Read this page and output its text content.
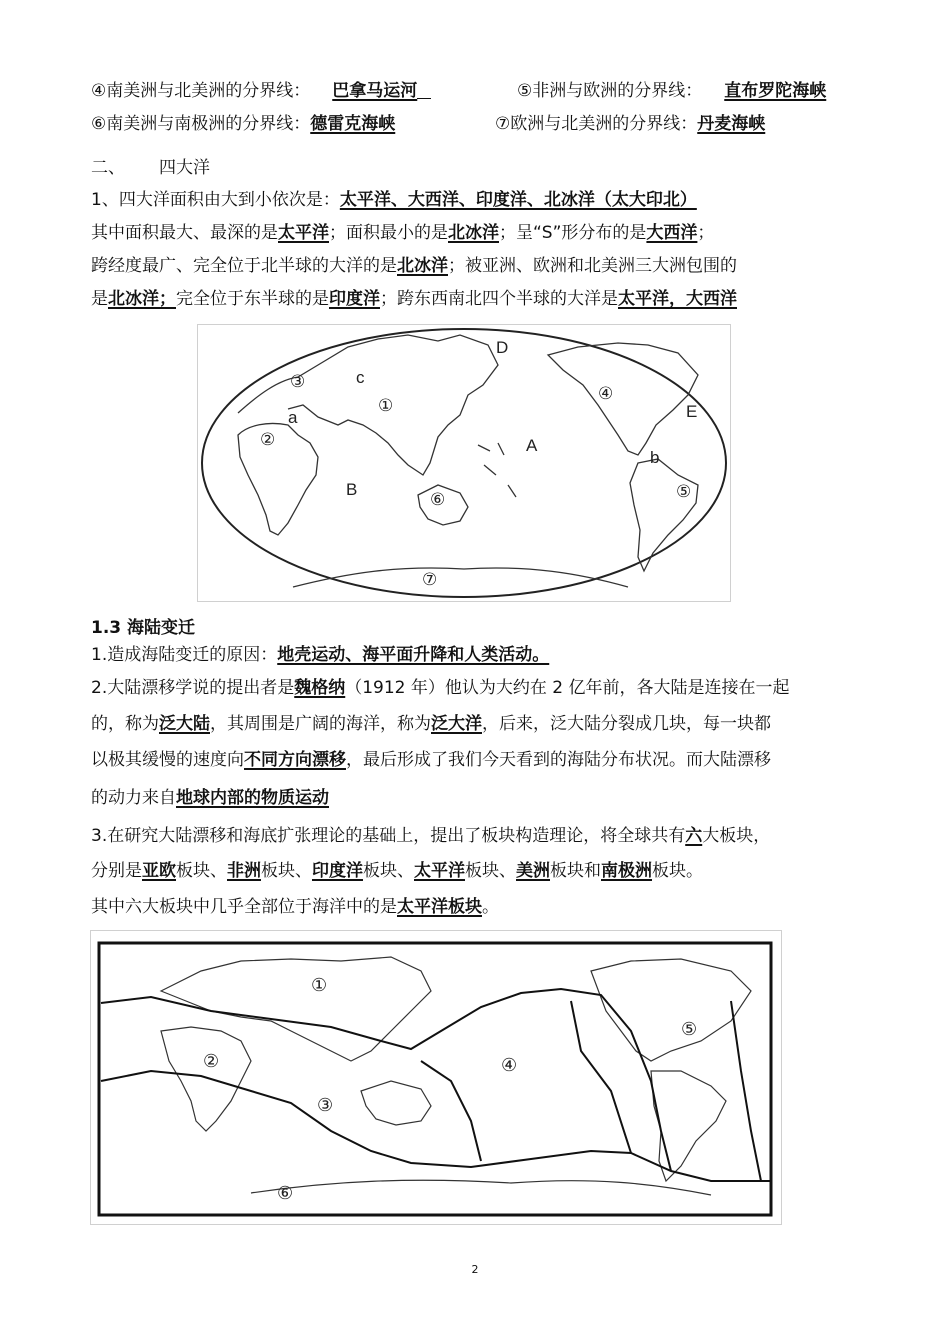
④南美洲与北美洲的分界线： 巴拿马运河	⑤非洲与欧洲的分界线： 直布罗陀海峡
⑥南美洲与南极洲的分界线：德雷克海峡	⑦欧洲与北美洲的分界线：丹麦海峡
二、 四大洋
1、四大洋面积由大到小依次是：太平洋、大西洋、印度洋、北冰洋（太大印北）
其中面积最大、最深的是太平洋；面积最小的是北冰洋；呈“S”形分布的是大西洋；
跨经度最广、完全位于北半球的大洋的是北冰洋；被亚洲、欧洲和北美洲三大洲包围的
是北冰洋；完全位于东半球的是印度洋；跨东西南北四个半球的大洋是太平洋，大西洋
D
c
①
③
a
②	A
④
E
b
⑤
B
⑥
⑦
1.3 海陆变迁
1.造成海陆变迁的原因：地壳运动、海平面升降和人类活动。
2.大陆漂移学说的提出者是魏格纳（1912 年）他认为大约在 2 亿年前，各大陆是连接在一起
的，称为泛大陆，其周围是广阔的海洋，称为泛大洋，后来，泛大陆分裂成几块，每一块都
以极其缓慢的速度向不同方向漂移，最后形成了我们今天看到的海陆分布状况。而大陆漂移
的动力来自地球内部的物质运动
3.在研究大陆漂移和海底扩张理论的基础上，提出了板块构造理论，将全球共有六大板块，
分别是亚欧板块、非洲板块、印度洋板块、太平洋板块、美洲板块和南极洲板块。
其中六大板块中几乎全部位于海洋中的是太平洋板块。
①
②
③
④
⑤
⑥
2
